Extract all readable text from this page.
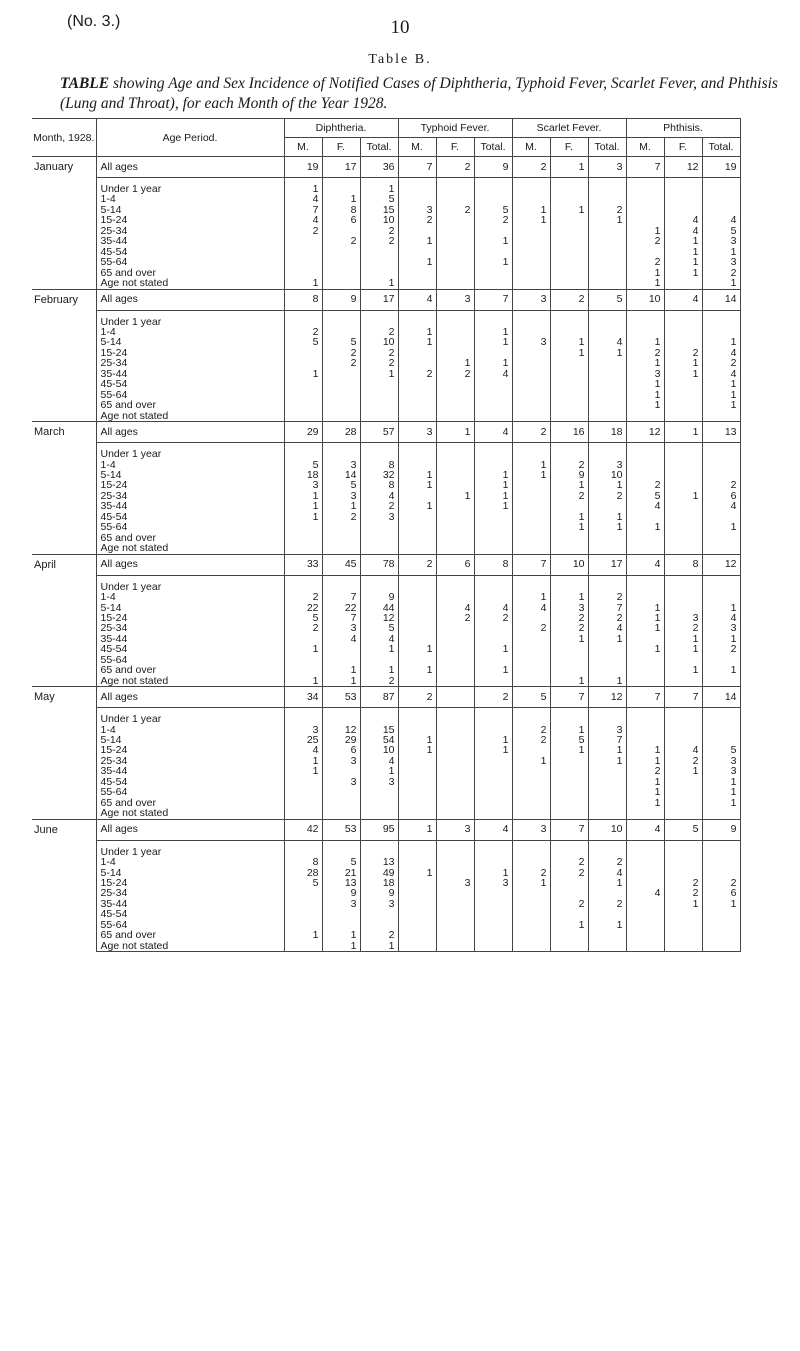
(No. 3.)	10
Table B.
TABLE showing Age and Sex Incidence of Notified Cases of Diphtheria, Typhoid Fever, Scarlet Fever, and Phthisis (Lung and Throat), for each Month of the Year 1928.
Month, 1928.	Age Period.	Diphtheria.			Typhoid Fever.			Scarlet Fever.			Phthisis.		
		M.	F.	Total.	M.	F.	Total.	M.	F.	Total.	M.	F.	Total.
January	All ages	19	17	36	7	2	9	2	1	3	7	12	19

	Under 1 year	1		1									
	1-4	4	1	5									
	5-14	7	8	15	3	2	5	1	1	2			
	15-24	4	6	10	2		2	1		1		4	4
	25-34	2		2							1	4	5
	35-44		2	2	1		1				2	1	3
	45-54											1	1
	55-64				1		1				2	1	3
	65 and over										1	1	2
	Age not stated	1		1							1		1
February	All ages	8	9	17	4	3	7	3	2	5	10	4	14

	Under 1 year												
	1-4	2		2	1		1						
	5-14	5	5	10	1		1	3	1	4	1		1
	15-24		2	2					1	1	2	2	4
	25-34		2	2		1	1				1	1	2
	35-44	1		1	2	2	4				3	1	4
	45-54										1		1
	55-64										1		1
	65 and over										1		1
	Age not stated												
March	All ages	29	28	57	3	1	4	2	16	18	12	1	13

	Under 1 year												
	1-4	5	3	8				1	2	3			
	5-14	18	14	32	1		1	1	9	10			
	15-24	3	5	8	1		1		1	1	2		2
	25-34	1	3	4		1	1		2	2	5	1	6
	35-44	1	1	2	1		1				4		4
	45-54	1	2	3					1	1			
	55-64								1	1	1		1
	65 and over												
	Age not stated												
April	All ages	33	45	78	2	6	8	7	10	17	4	8	12

	Under 1 year												
	1-4	2	7	9				1	1	2			
	5-14	22	22	44		4	4	4	3	7	1		1
	15-24	5	7	12		2	2		2	2	1	3	4
	25-34	2	3	5				2	2	4	1	2	3
	35-44		4	4					1	1		1	1
	45-54	1		1	1		1				1	1	2
	55-64												
	65 and over		1	1	1		1					1	1
	Age not stated	1	1	2					1	1			
May	All ages	34	53	87	2		2	5	7	12	7	7	14

	Under 1 year												
	1-4	3	12	15				2	1	3			
	5-14	25	29	54	1		1	2	5	7			
	15-24	4	6	10	1		1		1	1	1	4	5
	25-34	1	3	4				1		1	1	2	3
	35-44	1		1							2	1	3
	45-54		3	3							1		1
	55-64										1		1
	65 and over										1		1
	Age not stated												
June	All ages	42	53	95	1	3	4	3	7	10	4	5	9

	Under 1 year												
	1-4	8	5	13					2	2			
	5-14	28	21	49	1		1	2	2	4			
	15-24	5	13	18		3	3	1		1		2	2
	25-34		9	9							4	2	6
	35-44		3	3					2	2		1	1
	45-54												
	55-64								1	1			
	65 and over	1	1	2									
	Age not stated		1	1									
